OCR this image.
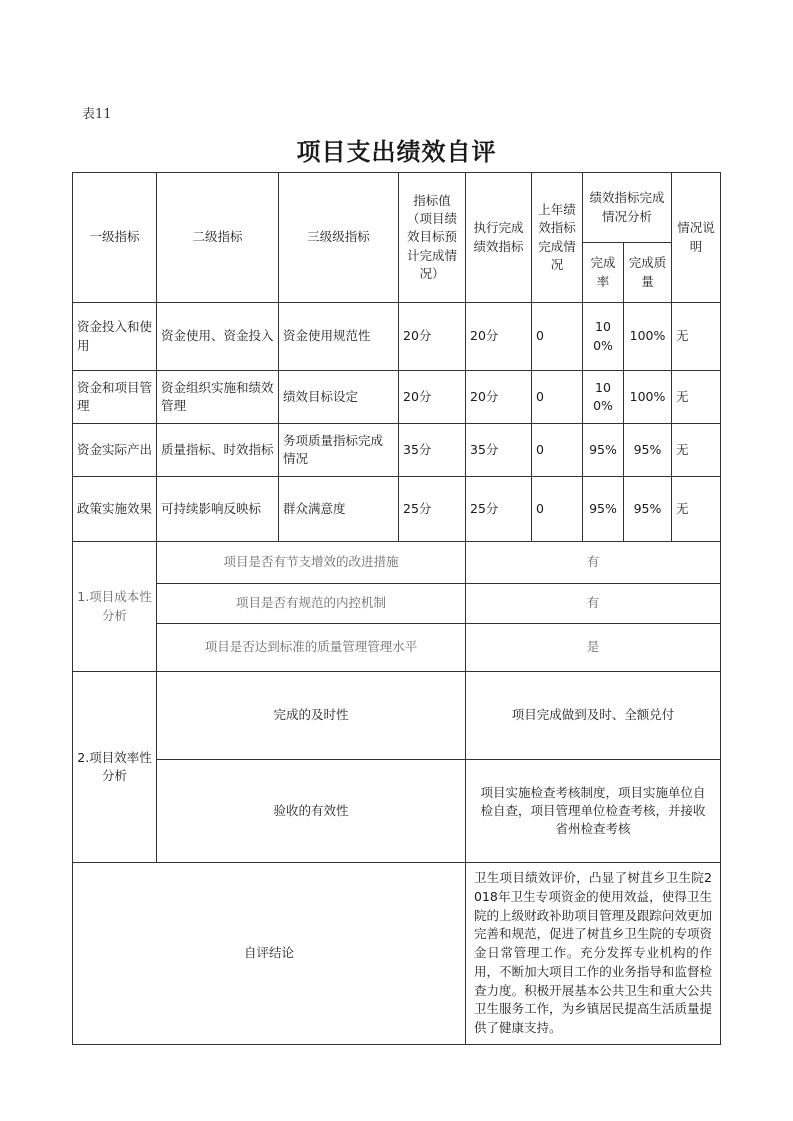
表11
项目支出绩效自评
一级指标	二级指标	三级级指标	指标值（项目绩效目标预计完成情况）	执行完成绩效指标	上年绩效指标完成情况	绩效指标完成情况分析		情况说明
						完成率	完成质量	
资金投入和使用	资金使用、资金投入	资金使用规范性	20分	20分	0	100%	100%	无
资金和项目管理	资金组织实施和绩效管理	绩效目标设定	20分	20分	0	100%	100%	无
资金实际产出	质量指标、时效指标	务项质量指标完成情况	35分	35分	0	95%	95%	无
政策实施效果	可持续影响反映标	群众满意度	25分	25分	0	95%	95%	无
1.项目成本性分析	项目是否有节支增效的改进措施			有				
	项目是否有规范的内控机制			有				
	项目是否达到标准的质量管理管理水平			是				
2.项目效率性分析	完成的及时性			项目完成做到及时、全额兑付				
	验收的有效性			项目实施检查考核制度，项目实施单位自检自查，项目管理单位检查考核，并接收省州检查考核				
自评结论				卫生项目绩效评价，凸显了树苴乡卫生院2018年卫生专项资金的使用效益，使得卫生院的上级财政补助项目管理及跟踪问效更加完善和规范，促进了树苴乡卫生院的专项资金日常管理工作。充分发挥专业机构的作用，不断加大项目工作的业务指导和监督检查力度。积极开展基本公共卫生和重大公共卫生服务工作，为乡镇居民提高生活质量提供了健康支持。				
